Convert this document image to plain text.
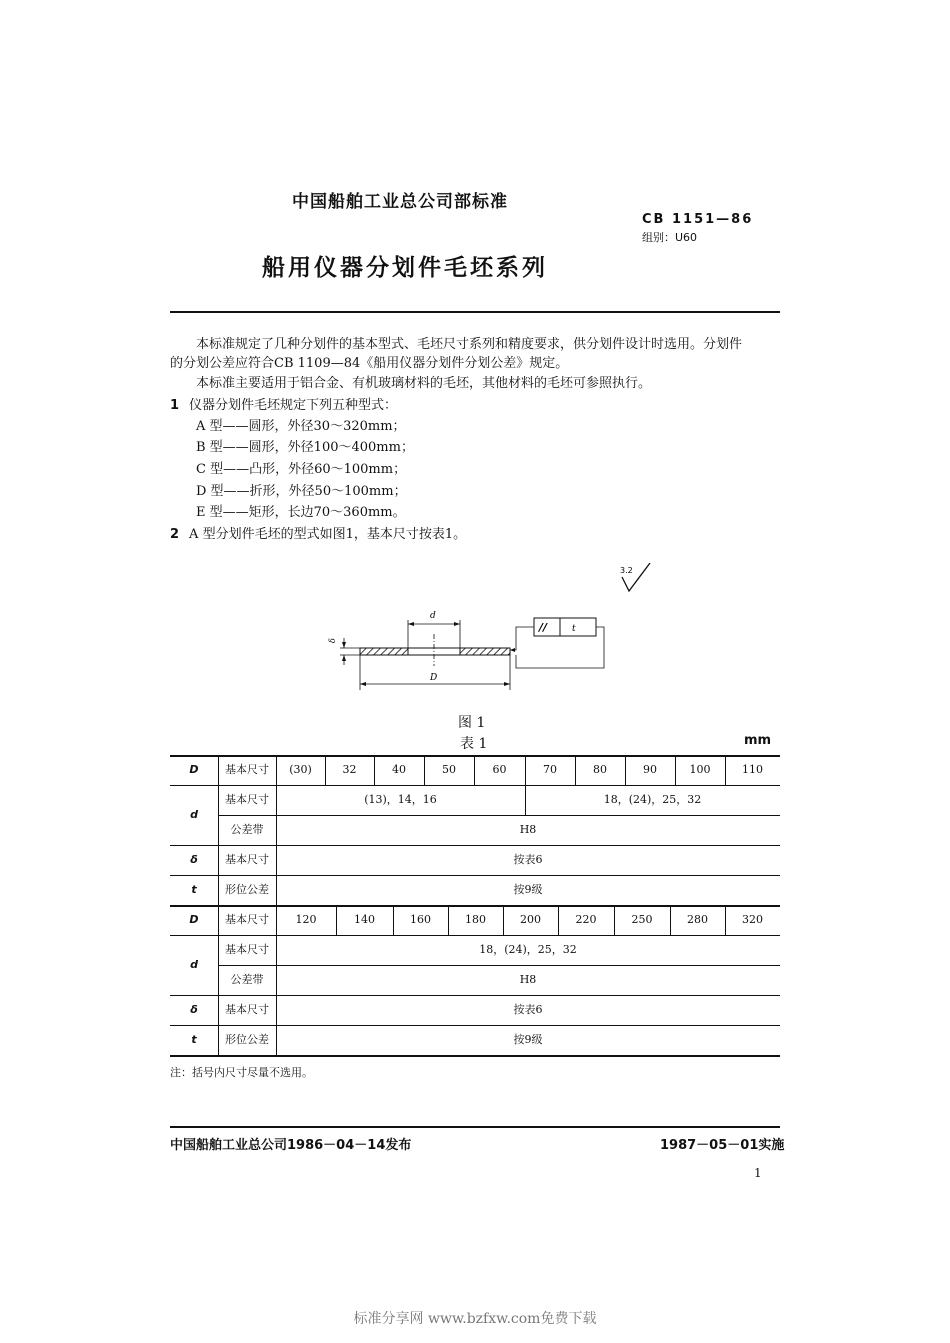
中国船舶工业总公司部标准
CB 1151—86
组别：U60
船用仪器分划件毛坯系列
本标准规定了几种分划件的基本型式、毛坯尺寸系列和精度要求，供分划件设计时选用。分划件
的分划公差应符合CB 1109—84《船用仪器分划件分划公差》规定。
本标准主要适用于铝合金、有机玻璃材料的毛坯，其他材料的毛坯可参照执行。
1 仪器分划件毛坯规定下列五种型式：
A 型——圆形，外径30～320mm；
B 型——圆形，外径100～400mm；
C 型——凸形，外径60～100mm；
D 型——折形，外径50～100mm；
E 型——矩形，长边70～360mm。
2 A 型分划件毛坯的型式如图1，基本尺寸按表1。
3.2
d
D
δ
//	t
图 1
表 1	mm
D	基本尺寸	(30)	32	40	50	60	70	80	90	100	110
d
基本尺寸	(13)，14，16	18，(24)，25，32
公差带	H8
δ	基本尺寸	按表6
t	形位公差	按9级
D	基本尺寸	120	140	160	180	200	220	250	280	320
d
基本尺寸	18，(24)，25，32
公差带	H8
δ	基本尺寸	按表6
t	形位公差	按9级
注：括号内尺寸尽量不选用。
中国船舶工业总公司1986－04－14发布	1987－05－01实施
1
标准分享网 www.bzfxw.com免费下载
